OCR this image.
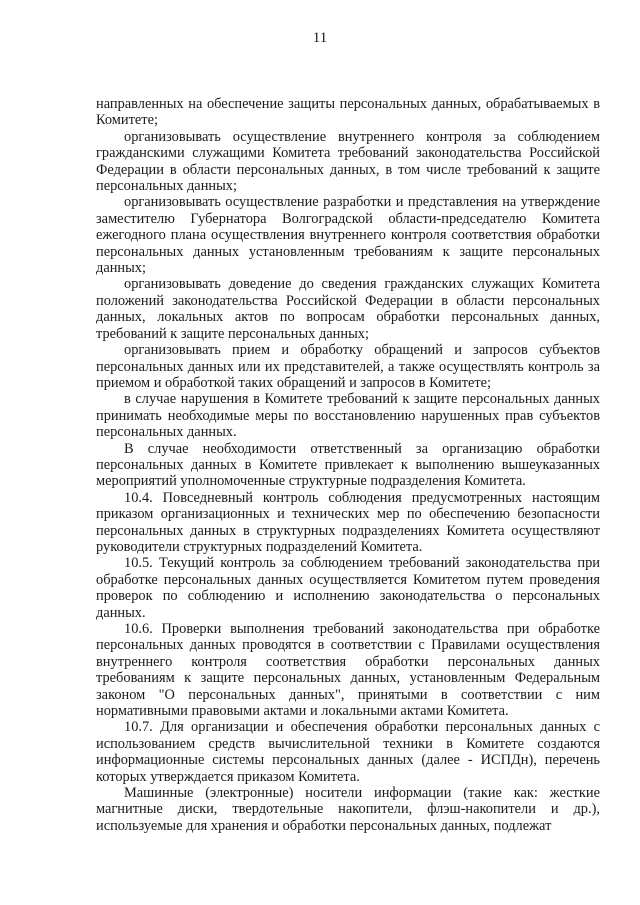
11

направленных на обеспечение защиты персональных данных, обрабатываемых в Комитете;

организовывать осуществление внутреннего контроля за соблюдением гражданскими служащими Комитета требований законодательства Российской Федерации в области персональных данных, в том числе требований к защите персональных данных;

организовывать осуществление разработки и представления на утверждение заместителю Губернатора Волгоградской области-председателю Комитета ежегодного плана осуществления внутреннего контроля соответствия обработки персональных данных установленным требованиям к защите персональных данных;

организовывать доведение до сведения гражданских служащих Комитета положений законодательства Российской Федерации в области персональных данных, локальных актов по вопросам обработки персональных данных, требований к защите персональных данных;

организовывать прием и обработку обращений и запросов субъектов персональных данных или их представителей, а также осуществлять контроль за приемом и обработкой таких обращений и запросов в Комитете;

в случае нарушения в Комитете требований к защите персональных данных принимать необходимые меры по восстановлению нарушенных прав субъектов персональных данных.

В случае необходимости ответственный за организацию обработки персональных данных в Комитете привлекает к выполнению вышеуказанных мероприятий уполномоченные структурные подразделения Комитета.

10.4. Повседневный контроль соблюдения предусмотренных настоящим приказом организационных и технических мер по обеспечению безопасности персональных данных в структурных подразделениях Комитета осуществляют руководители структурных подразделений Комитета.

10.5. Текущий контроль за соблюдением требований законодательства при обработке персональных данных осуществляется Комитетом путем проведения проверок по соблюдению и исполнению законодательства о персональных данных.

10.6. Проверки выполнения требований законодательства при обработке персональных данных проводятся в соответствии с Правилами осуществления внутреннего контроля соответствия обработки персональных данных требованиям к защите персональных данных, установленным Федеральным законом "О персональных данных", принятыми в соответствии с ним нормативными правовыми актами и локальными актами Комитета.

10.7. Для организации и обеспечения обработки персональных данных с использованием средств вычислительной техники в Комитете создаются информационные системы персональных данных (далее - ИСПДн), перечень которых утверждается приказом Комитета.

Машинные (электронные) носители информации (такие как: жесткие магнитные диски, твердотельные накопители, флэш-накопители и др.), используемые для хранения и обработки персональных данных, подлежат
